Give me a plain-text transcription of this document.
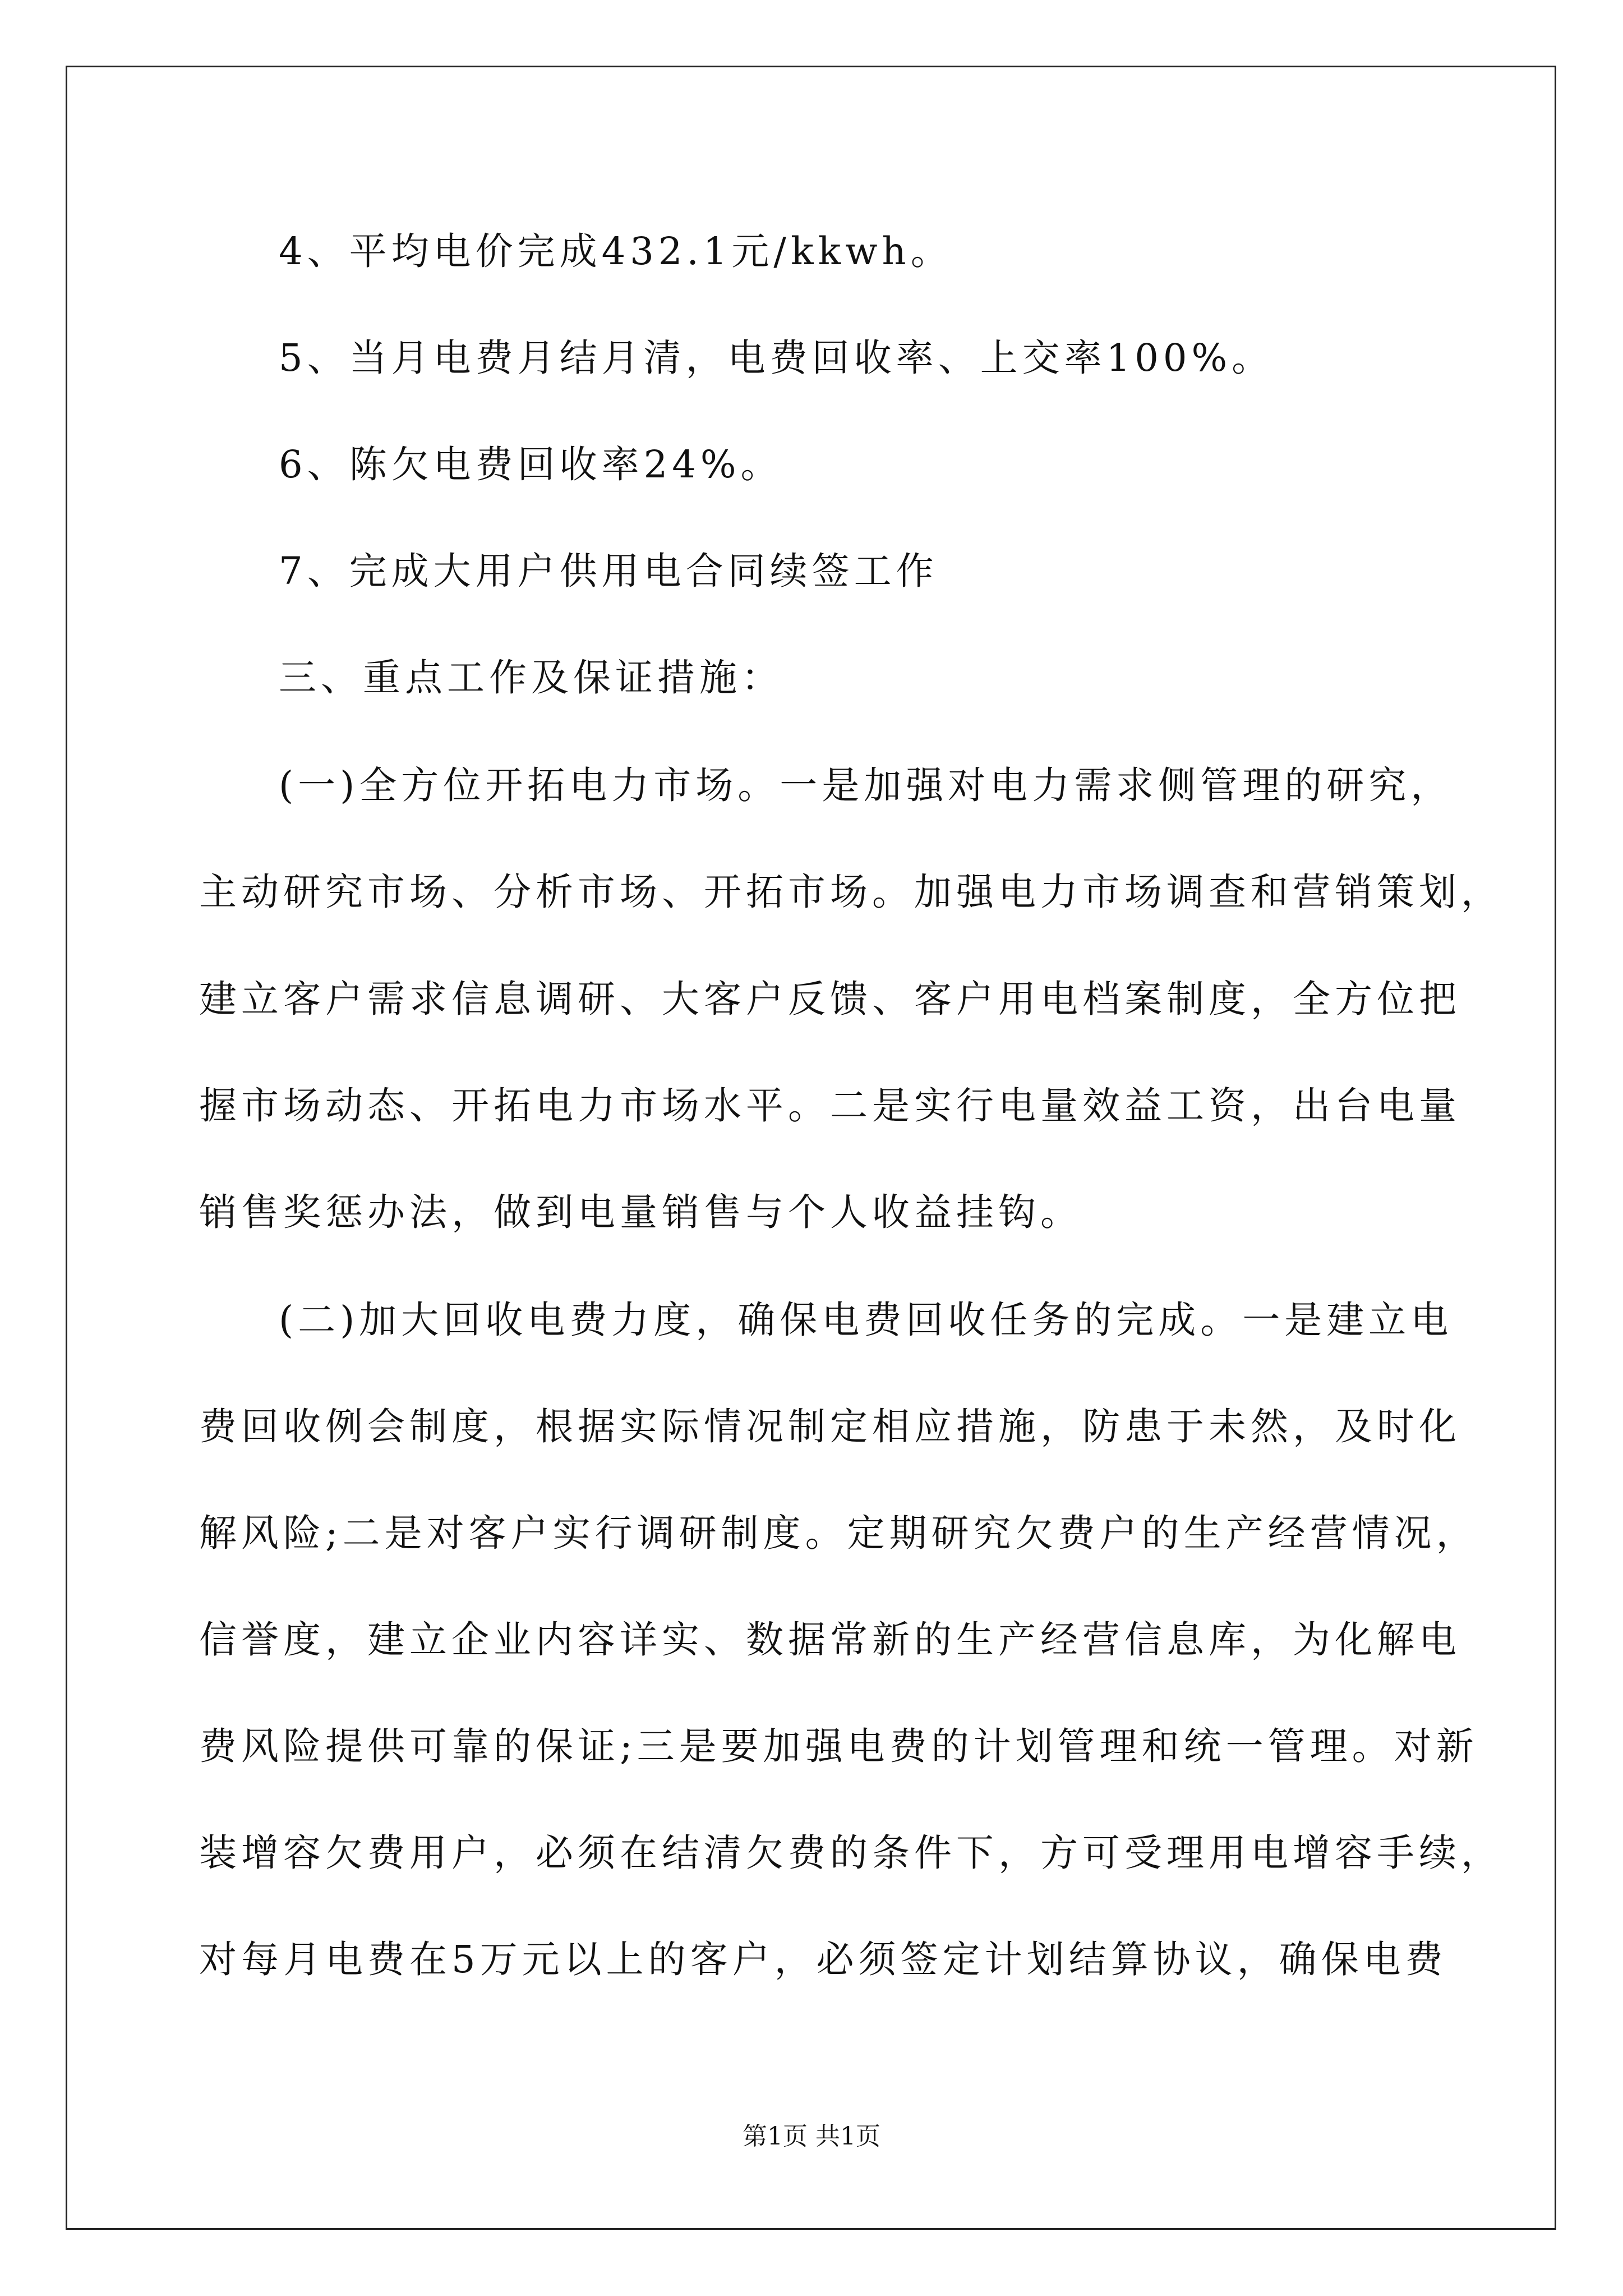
4、平均电价完成432.1元/kkwh。
5、当月电费月结月清，电费回收率、上交率100%。
6、陈欠电费回收率24%。
7、完成大用户供用电合同续签工作
三、重点工作及保证措施：
(一)全方位开拓电力市场。一是加强对电力需求侧管理的研究，
主动研究市场、分析市场、开拓市场。加强电力市场调查和营销策划，
建立客户需求信息调研、大客户反馈、客户用电档案制度，全方位把
握市场动态、开拓电力市场水平。二是实行电量效益工资，出台电量
销售奖惩办法，做到电量销售与个人收益挂钩。
(二)加大回收电费力度，确保电费回收任务的完成。一是建立电
费回收例会制度，根据实际情况制定相应措施，防患于未然，及时化
解风险;二是对客户实行调研制度。定期研究欠费户的生产经营情况，
信誉度，建立企业内容详实、数据常新的生产经营信息库，为化解电
费风险提供可靠的保证;三是要加强电费的计划管理和统一管理。对新
装增容欠费用户，必须在结清欠费的条件下，方可受理用电增容手续，
对每月电费在5万元以上的客户，必须签定计划结算协议，确保电费
第1页 共1页
